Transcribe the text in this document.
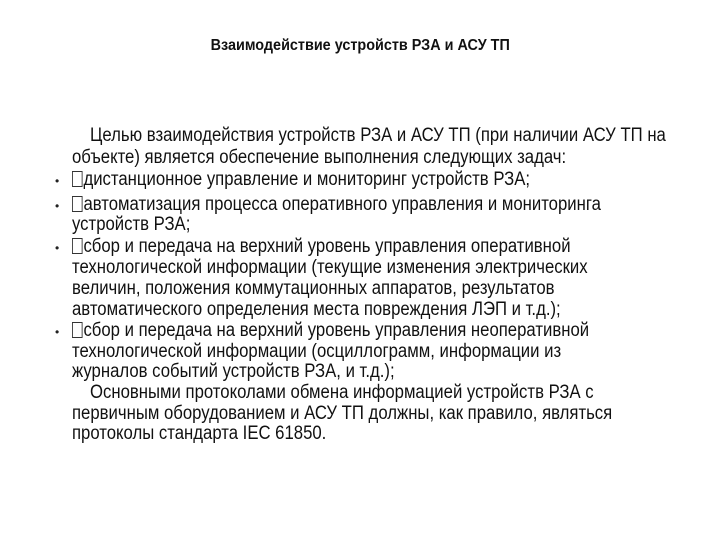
Взаимодействие устройств РЗА и АСУ ТП
Целью взаимодействия устройств РЗА и АСУ ТП (при наличии АСУ ТП на
объекте) является обеспечение выполнения следующих задач:
•	дистанционное управление и мониторинг устройств РЗА;
•	автоматизация процесса оперативного управления и мониторинга
устройств РЗА;
•	сбор и передача на верхний уровень управления оперативной
технологической информации (текущие изменения электрических
величин, положения коммутационных аппаратов, результатов
автоматического определения места повреждения ЛЭП и т.д.);
•	сбор и передача на верхний уровень управления неоперативной
технологической информации (осциллограмм, информации из
журналов событий устройств РЗА, и т.д.);
Основными протоколами обмена информацией устройств РЗА с
первичным оборудованием и АСУ ТП должны, как правило, являться
протоколы стандарта IEC 61850.
